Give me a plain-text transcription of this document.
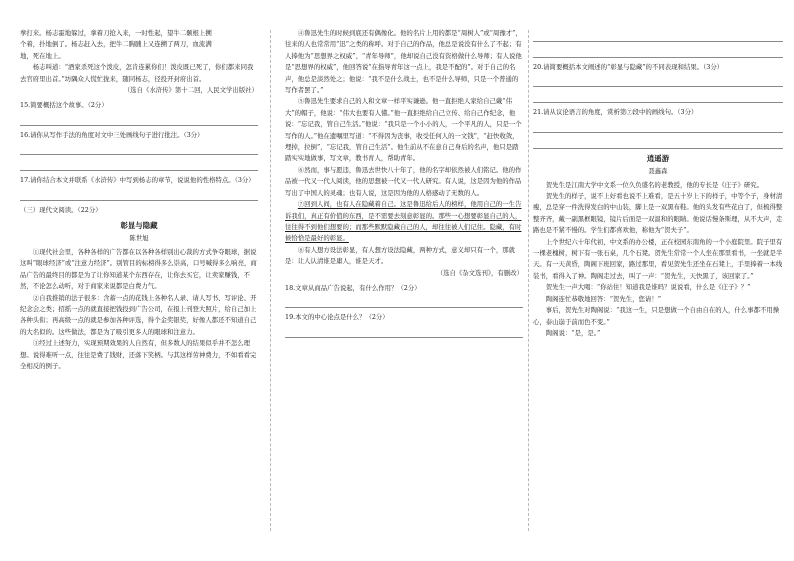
拳打来。杨志霍地躲过，拿着刀抢入来，一时性起，望牛二颡根上搠

个着，扑地倒了。杨志赶入去，把牛二胸脯上又连搠了两刀，血流满

地，死在地上。

杨志叫道：“酒家杀死这个泼皮，怎肯连累你们！泼皮既已死了，你们都来同我去官府里出首。”坊隅众人慌忙拢来，随同杨志，径投开封府出首。

（选自《水浒传》第十二回，人民文学出版社）

15.简要概括这个故事。（2分）

16.请你从写作手法的角度对文中三处画线句子进行批注。（3分）

17.请你结合本文并联系《水浒传》中写到杨志的章节，说说他的性格特点。（3分）

（三）现代文阅读。（22分）

彰显与隐藏

陈世旭

①现代社会里，各种各样的广告都在以各种各样别出心裁的方式争夺眼球，据说这叫“眼球经济”或“注意力经济”。别管目的标榜得多么崇高，口号喊得多么响亮，商品广告的最终目的都是为了让你知道某个东西存在，让你去买它，让卖家赚钱，不然，不论怎么动听，对于商家来说都是白费力气。

②自我推销的法子很多：含蓄一点的花钱上各种名人录、请人写书、写评论、开纪念会之类；招摇一点的就直接把钱投到广告公司，在报上刊登大照片，给自己加上各种头衔；再高级一点的就是参加各种评选，得个金奖银奖，好像人都还不知道自己的大名似的。这些做法，都是为了吸引更多人的眼球和注意力。

③经过上述努力，实现预期效果的人自然有，但多数人的结果似乎并不怎么理想。说得难听一点，往往是费了钱财，还落下笑柄。与其这样劳神费力，不如看看完全相反的例子。

④鲁迅先生的时候到底还有偶像化。他的名片上用的都是“周树人”或“周豫才”，往来的人也常常用“迅”之类的称呼。对于自己的作品，他总是说没有什么了不起；有人捧他为“思想界之权威”、“青年导师”，他却说自己没有资格做什么导师；有人说他是“思想界的权威”，他回答说“在指导青年这一点上，我是不配的”。对于自己的名声，他总是淡然处之；他说：“我不是什么战士，也不是什么导师，只是一个普通的写作者罢了。”

⑤鲁迅先生要求自己的人和文章一样平实谦逊。他一直拒绝人家给自己戴“伟大”的帽子，他说：“伟大也要有人懂。”他一直拒绝给自己立传、给自己作纪念，他说：“忘记我，管自己生活。”他说：“我只是一个小小的人，一个平凡的人，只是一个写作的人。”他在遗嘱里写道：“不得因为丧事，收受任何人的一文钱”，“赶快收敛，埋掉，拉倒”，“忘记我，管自己生活”。他生前从不在意自己身后的名声，他只是踏踏实实地做事，写文章，教书育人，帮助青年。

⑥然而，事与愿违，鲁迅去世快八十年了，他的名字却依然被人们铭记。他的作品被一代又一代人阅读，他的思想被一代又一代人研究。有人说，这是因为他的作品写出了中国人的灵魂；也有人说，这是因为他的人格感动了无数的人。

⑦回到人间，也有人在隐藏着自己。这是鲁迅给后人的榜样，他用自己的一生告诉我们，真正有价值的东西，是不需要去刻意彰显的。那些一心想要彰显自己的人，往往得不到他们想要的；而那些默默隐藏自己的人，却往往被人们记住。隐藏，有时候恰恰是最好的彰显。

⑧有人想方设法彰显，有人想方设法隐藏，两种方式，意义却只有一个，那就是：让人认清谁是庸人，谁是天才。

（选自《杂文选刊》，有删改）

18.文章从商品广告说起，有什么作用？（2分）

19.本文的中心论点是什么？（2分）

20.请简要概括本文阐述的“彰显与隐藏”的不同表现和结果。（3分）

21.请从议论语言的角度，赏析第⑦段中的画线句。（3分）

逍遥游

聂鑫森

贺先生是江南大学中文系一位久负盛名的老教授，他的专长是《庄子》研究。

贺先生的样子，说不上好看也说不上难看，是五十岁上下的样子，中等个子，身材清瘦，总是穿一件洗得发白的中山装，脚上是一双黑布鞋。他的头发有些花白了，但梳得整整齐齐，戴一副黑框眼镜，镜片后面是一双温和的眼睛。他说话慢条斯理，从不大声，走路也是不紧不慢的。学生们都喜欢他，称他为“贺夫子”。

上个世纪六十年代初，中文系的办公楼，正在校园东南角的一个小庭院里。院子里有一棵老槐树，树下有一张石桌，几个石凳。贺先生常常一个人坐在那里看书，一坐就是半天。有一天黄昏，陶阁下班回家，路过那里，看见贺先生还坐在石凳上，手里捧着一本线装书，看得入了神。陶阁走过去，叫了一声：“贺先生，天快黑了，该回家了。”

贺先生一声大喝：“你站住！知道我是谁吗？说说看，什么是《庄子》？”

陶阁连忙恭敬地回答：“贺先生，您请！”

事后，贺先生对陶阁说：“我这一生，只是想做一个自由自在的人，什么事都不用操心，泰山崩于前而色不变。”

陶阁说：“是，是。”
